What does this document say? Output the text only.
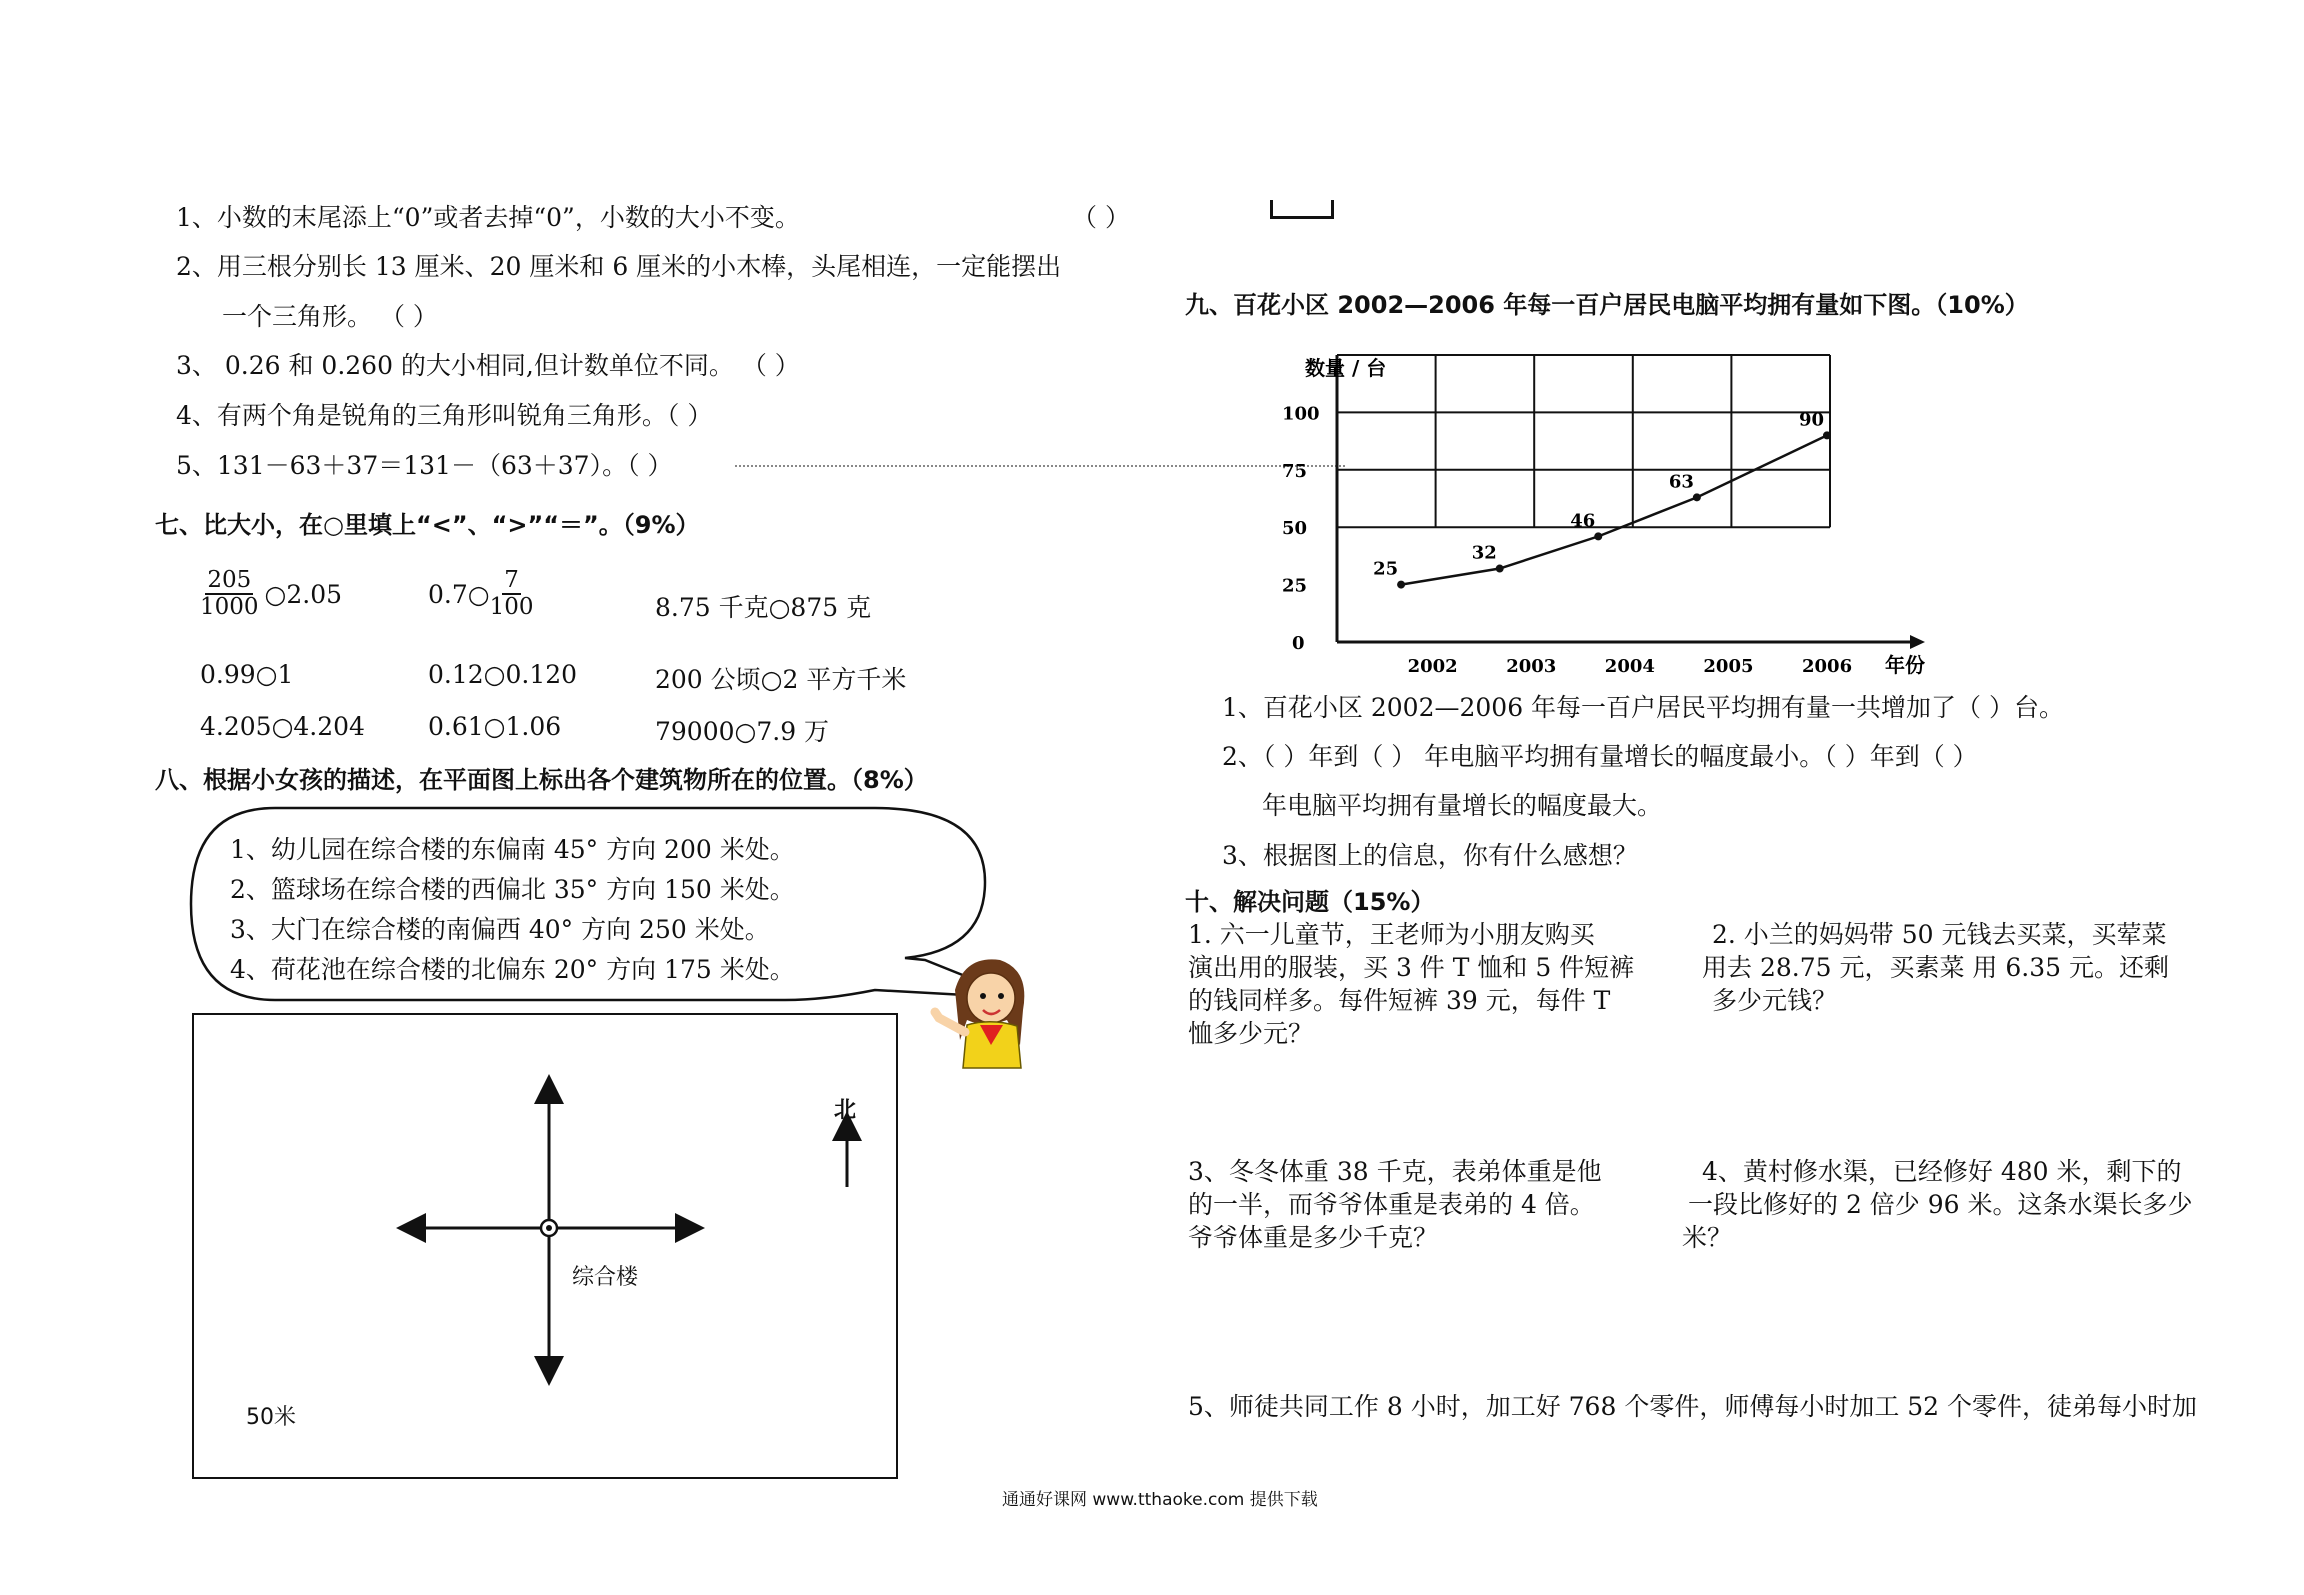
1、小数的末尾添上“0”或者去掉“0”，小数的大小不变。	（ ）
2、用三根分别长 13 厘米、20 厘米和 6 厘米的小木棒，头尾相连，一定能摆出
一个三角形。 （ ）
3、 0.26 和 0.260 的大小相同,但计数单位不同。 （ ）
4、有两个角是锐角的三角形叫锐角三角形。（ ）
5、131－63＋37＝131－（63＋37）。（ ）
七、比大小，在○里填上“<”、“>”“＝”。（9%）
$\frac{205}{1000}$ ○2.05	0.7○ $\frac{7}{100}$	8.75 千克○875 克
0.99○1	0.12○0.120	200 公顷○2 平方千米
4.205○4.204	0.61○1.06	79000○7.9 万
八、根据小女孩的描述，在平面图上标出各个建筑物所在的位置。（8%）
1、幼儿园在综合楼的东偏南 45° 方向 200 米处。
2、篮球场在综合楼的西偏北 35° 方向 150 米处。
3、大门在综合楼的南偏西 40° 方向 250 米处。
4、荷花池在综合楼的北偏东 20° 方向 175 米处。
北
综合楼
50米
九、百花小区 2002—2006 年每一百户居民电脑平均拥有量如下图。（10%）
数量 / 台
0
25
50
75
100
2002	2003	2004	2005	2006 年份
25
32
46
63
90
1、百花小区 2002—2006 年每一百户居民平均拥有量一共增加了（ ）台。
2、（ ）年到（ ） 年电脑平均拥有量增长的幅度最小。（ ）年到（ ）
年电脑平均拥有量增长的幅度最大。
3、根据图上的信息，你有什么感想？
十、解决问题（15%）
1. 六一儿童节，王老师为小朋友购买
演出用的服装，买 3 件 T 恤和 5 件短裤
的钱同样多。每件短裤 39 元，每件 T
恤多少元？
2. 小兰的妈妈带 50 元钱去买菜，买荤菜
用去 28.75 元，买素菜 用 6.35 元。还剩
多少元钱？
3、冬冬体重 38 千克，表弟体重是他
的一半，而爷爷体重是表弟的 4 倍。
爷爷体重是多少千克？
4、黄村修水渠，已经修好 480 米，剩下的
一段比修好的 2 倍少 96 米。这条水渠长多少
米？
5、师徒共同工作 8 小时，加工好 768 个零件，师傅每小时加工 52 个零件，徒弟每小时加
通通好课网 www.tthaoke.com 提供下载
